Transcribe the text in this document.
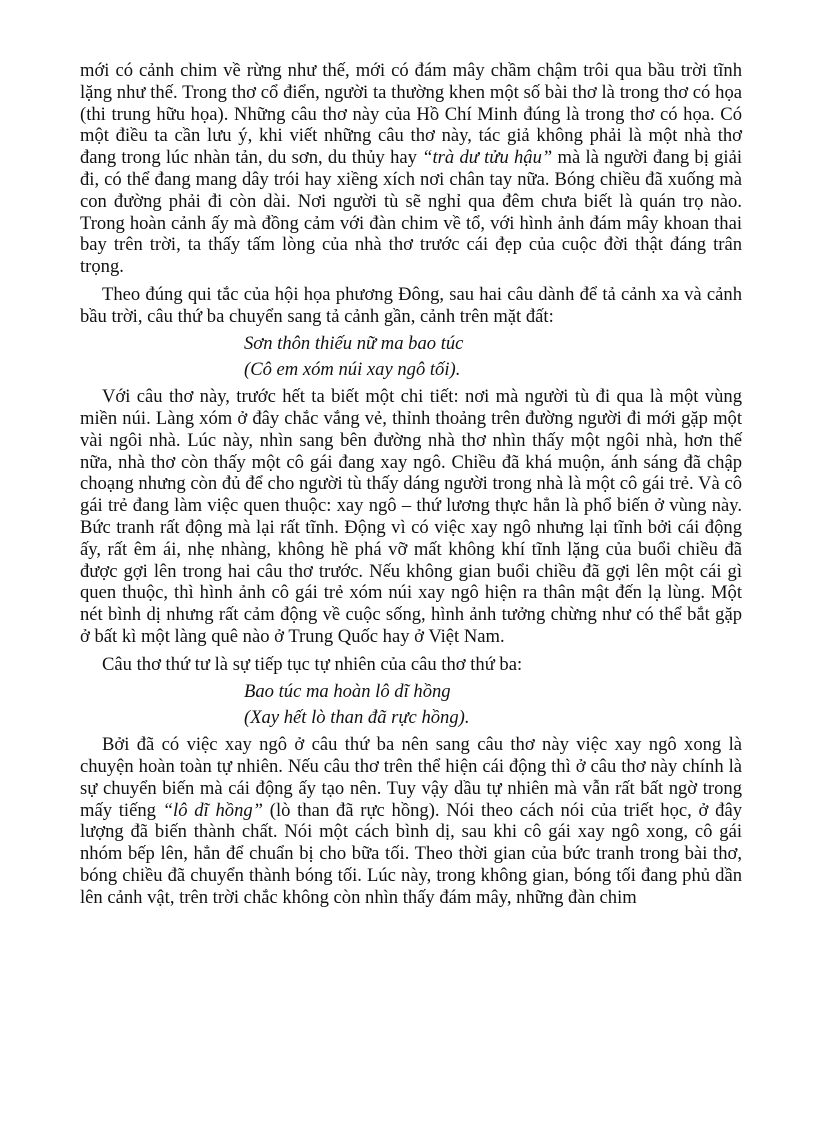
mới có cảnh chim về rừng như thế, mới có đám mây chầm chậm trôi qua bầu trời tĩnh lặng như thế. Trong thơ cổ điển, người ta thường khen một số bài thơ là trong thơ có họa (thi trung hữu họa). Những câu thơ này của Hồ Chí Minh đúng là trong thơ có họa. Có một điều ta cần lưu ý, khi viết những câu thơ này, tác giả không phải là một nhà thơ đang trong lúc nhàn tản, du sơn, du thủy hay “trà dư tửu hậu” mà là người đang bị giải đi, có thể đang mang dây trói hay xiềng xích nơi chân tay nữa. Bóng chiều đã xuống mà con đường phải đi còn dài. Nơi người tù sẽ nghỉ qua đêm chưa biết là quán trọ nào. Trong hoàn cảnh ấy mà đồng cảm với đàn chim về tổ, với hình ảnh đám mây khoan thai bay trên trời, ta thấy tấm lòng của nhà thơ trước cái đẹp của cuộc đời thật đáng trân trọng.

Theo đúng qui tắc của hội họa phương Đông, sau hai câu dành để tả cảnh xa và cảnh bầu trời, câu thứ ba chuyển sang tả cảnh gần, cảnh trên mặt đất:

Sơn thôn thiếu nữ ma bao túc

(Cô em xóm núi xay ngô tối).

Với câu thơ này, trước hết ta biết một chi tiết: nơi mà người tù đi qua là một vùng miền núi. Làng xóm ở đây chắc vắng vẻ, thỉnh thoảng trên đường người đi mới gặp một vài ngôi nhà. Lúc này, nhìn sang bên đường nhà thơ nhìn thấy một ngôi nhà, hơn thế nữa, nhà thơ còn thấy một cô gái đang xay ngô. Chiều đã khá muộn, ánh sáng đã chập choạng nhưng còn đủ để cho người tù thấy dáng người trong nhà là một cô gái trẻ. Và cô gái trẻ đang làm việc quen thuộc: xay ngô – thứ lương thực hẳn là phổ biến ở vùng này. Bức tranh rất động mà lại rất tĩnh. Động vì có việc xay ngô nhưng lại tĩnh bởi cái động ấy, rất êm ái, nhẹ nhàng, không hề phá vỡ mất không khí tĩnh lặng của buổi chiều đã được gợi lên trong hai câu thơ trước. Nếu không gian buổi chiều đã gợi lên một cái gì quen thuộc, thì hình ảnh cô gái trẻ xóm núi xay ngô hiện ra thân mật đến lạ lùng. Một nét bình dị nhưng rất cảm động về cuộc sống, hình ảnh tưởng chừng như có thể bắt gặp ở bất kì một làng quê nào ở Trung Quốc hay ở Việt Nam.

Câu thơ thứ tư là sự tiếp tục tự nhiên của câu thơ thứ ba:

Bao túc ma hoàn lô dĩ hồng

(Xay hết lò than đã rực hồng).

Bởi đã có việc xay ngô ở câu thứ ba nên sang câu thơ này việc xay ngô xong là chuyện hoàn toàn tự nhiên. Nếu câu thơ trên thể hiện cái động thì ở câu thơ này chính là sự chuyển biến mà cái động ấy tạo nên. Tuy vậy dầu tự nhiên mà vẫn rất bất ngờ trong mấy tiếng “lô dĩ hồng” (lò than đã rực hồng). Nói theo cách nói của triết học, ở đây lượng đã biến thành chất. Nói một cách bình dị, sau khi cô gái xay ngô xong, cô gái nhóm bếp lên, hẳn để chuẩn bị cho bữa tối. Theo thời gian của bức tranh trong bài thơ, bóng chiều đã chuyển thành bóng tối. Lúc này, trong không gian, bóng tối đang phủ dần lên cảnh vật, trên trời chắc không còn nhìn thấy đám mây, những đàn chim
